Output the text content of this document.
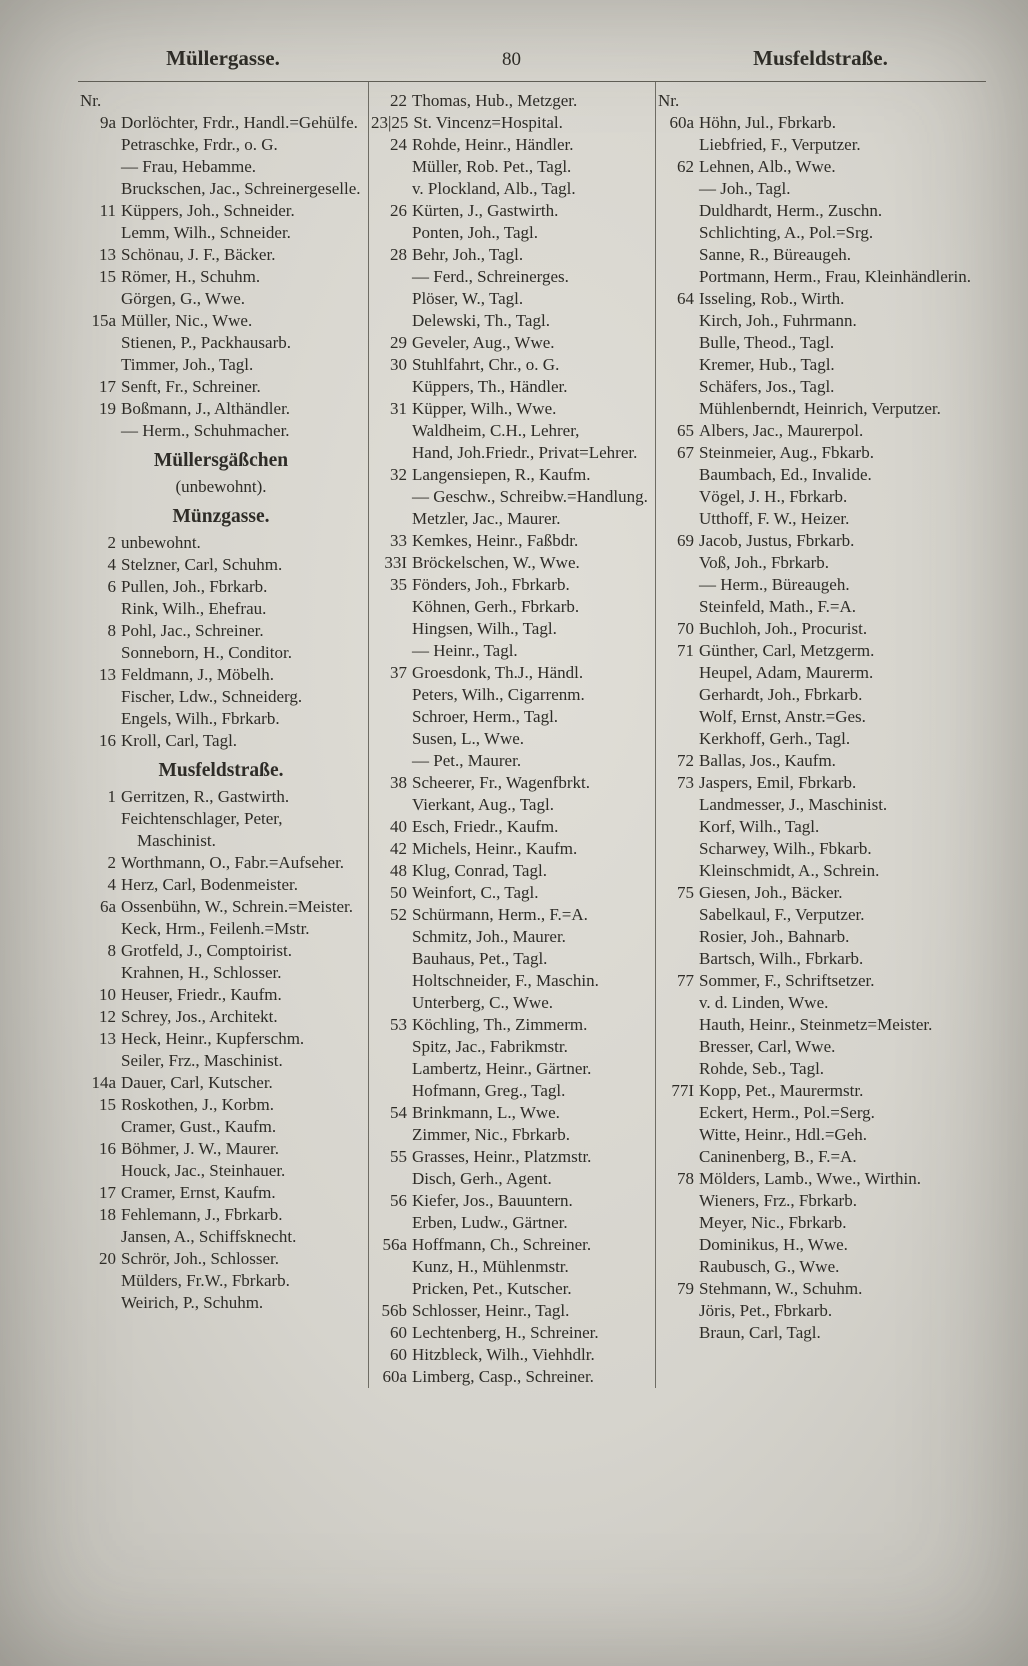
Müllergasse.	80	Musfeldstraße.
Nr.
9a Dorlöchter, Frdr., Handl.=Gehülfe.
Petraschke, Frdr., o. G.
— Frau, Hebamme.
Bruckschen, Jac., Schreinergeselle.
11 Küppers, Joh., Schneider.
Lemm, Wilh., Schneider.
13 Schönau, J. F., Bäcker.
15 Römer, H., Schuhm.
Görgen, G., Wwe.
15a Müller, Nic., Wwe.
Stienen, P., Packhausarb.
Timmer, Joh., Tagl.
17 Senft, Fr., Schreiner.
19 Boßmann, J., Althändler.
— Herm., Schuhmacher.
Müllersgäßchen
(unbewohnt).
Münzgasse.
2 unbewohnt.
4 Stelzner, Carl, Schuhm.
6 Pullen, Joh., Fbrkarb.
Rink, Wilh., Ehefrau.
8 Pohl, Jac., Schreiner.
Sonneborn, H., Conditor.
13 Feldmann, J., Möbelh.
Fischer, Ldw., Schneiderg.
Engels, Wilh., Fbrkarb.
16 Kroll, Carl, Tagl.
Musfeldstraße.
1 Gerritzen, R., Gastwirth.
Feichtenschlager, Peter, Maschinist.
2 Worthmann, O., Fabr.=Aufseher.
4 Herz, Carl, Bodenmeister.
6a Ossenbühn, W., Schrein.=Meister.
Keck, Hrm., Feilenh.=Mstr.
8 Grotfeld, J., Comptoirist.
Krahnen, H., Schlosser.
10 Heuser, Friedr., Kaufm.
12 Schrey, Jos., Architekt.
13 Heck, Heinr., Kupferschm.
Seiler, Frz., Maschinist.
14a Dauer, Carl, Kutscher.
15 Roskothen, J., Korbm.
Cramer, Gust., Kaufm.
16 Böhmer, J. W., Maurer.
Houck, Jac., Steinhauer.
17 Cramer, Ernst, Kaufm.
18 Fehlemann, J., Fbrkarb.
Jansen, A., Schiffsknecht.
20 Schrör, Joh., Schlosser.
Mülders, Fr.W., Fbrkarb.
Weirich, P., Schuhm.
22 Thomas, Hub., Metzger.
23|25 St. Vincenz=Hospital.
24 Rohde, Heinr., Händler.
Müller, Rob. Pet., Tagl.
v. Plockland, Alb., Tagl.
26 Kürten, J., Gastwirth.
Ponten, Joh., Tagl.
28 Behr, Joh., Tagl.
— Ferd., Schreinerges.
Plöser, W., Tagl.
Delewski, Th., Tagl.
29 Geveler, Aug., Wwe.
30 Stuhlfahrt, Chr., o. G.
Küppers, Th., Händler.
31 Küpper, Wilh., Wwe.
Waldheim, C.H., Lehrer,
Hand, Joh.Friedr., Privat=Lehrer.
32 Langensiepen, R., Kaufm.
— Geschw., Schreibw.=Handlung.
Metzler, Jac., Maurer.
33 Kemkes, Heinr., Faßbdr.
33I Bröckelschen, W., Wwe.
35 Fönders, Joh., Fbrkarb.
Köhnen, Gerh., Fbrkarb.
Hingsen, Wilh., Tagl.
— Heinr., Tagl.
37 Groesdonk, Th.J., Händl.
Peters, Wilh., Cigarrenm.
Schroer, Herm., Tagl.
Susen, L., Wwe.
— Pet., Maurer.
38 Scheerer, Fr., Wagenfbrkt.
Vierkant, Aug., Tagl.
40 Esch, Friedr., Kaufm.
42 Michels, Heinr., Kaufm.
48 Klug, Conrad, Tagl.
50 Weinfort, C., Tagl.
52 Schürmann, Herm., F.=A.
Schmitz, Joh., Maurer.
Bauhaus, Pet., Tagl.
Holtschneider, F., Maschin.
Unterberg, C., Wwe.
53 Köchling, Th., Zimmerm.
Spitz, Jac., Fabrikmstr.
Lambertz, Heinr., Gärtner.
Hofmann, Greg., Tagl.
54 Brinkmann, L., Wwe.
Zimmer, Nic., Fbrkarb.
55 Grasses, Heinr., Platzmstr.
Disch, Gerh., Agent.
56 Kiefer, Jos., Bauuntern.
Erben, Ludw., Gärtner.
56a Hoffmann, Ch., Schreiner.
Kunz, H., Mühlenmstr.
Pricken, Pet., Kutscher.
56b Schlosser, Heinr., Tagl.
60 Lechtenberg, H., Schreiner.
60 Hitzbleck, Wilh., Viehhdlr.
60a Limberg, Casp., Schreiner.
Nr.
60a Höhn, Jul., Fbrkarb.
Liebfried, F., Verputzer.
62 Lehnen, Alb., Wwe.
— Joh., Tagl.
Duldhardt, Herm., Zuschn.
Schlichting, A., Pol.=Srg.
Sanne, R., Büreaugeh.
Portmann, Herm., Frau, Kleinhändlerin.
64 Isseling, Rob., Wirth.
Kirch, Joh., Fuhrmann.
Bulle, Theod., Tagl.
Kremer, Hub., Tagl.
Schäfers, Jos., Tagl.
Mühlenberndt, Heinrich, Verputzer.
65 Albers, Jac., Maurerpol.
67 Steinmeier, Aug., Fbkarb.
Baumbach, Ed., Invalide.
Vögel, J. H., Fbrkarb.
Utthoff, F. W., Heizer.
69 Jacob, Justus, Fbrkarb.
Voß, Joh., Fbrkarb.
— Herm., Büreaugeh.
Steinfeld, Math., F.=A.
70 Buchloh, Joh., Procurist.
71 Günther, Carl, Metzgerm.
Heupel, Adam, Maurerm.
Gerhardt, Joh., Fbrkarb.
Wolf, Ernst, Anstr.=Ges.
Kerkhoff, Gerh., Tagl.
72 Ballas, Jos., Kaufm.
73 Jaspers, Emil, Fbrkarb.
Landmesser, J., Maschinist.
Korf, Wilh., Tagl.
Scharwey, Wilh., Fbkarb.
Kleinschmidt, A., Schrein.
75 Giesen, Joh., Bäcker.
Sabelkaul, F., Verputzer.
Rosier, Joh., Bahnarb.
Bartsch, Wilh., Fbrkarb.
77 Sommer, F., Schriftsetzer.
v. d. Linden, Wwe.
Hauth, Heinr., Steinmetz=Meister.
Bresser, Carl, Wwe.
Rohde, Seb., Tagl.
77I Kopp, Pet., Maurermstr.
Eckert, Herm., Pol.=Serg.
Witte, Heinr., Hdl.=Geh.
Caninenberg, B., F.=A.
78 Mölders, Lamb., Wwe., Wirthin.
Wieners, Frz., Fbrkarb.
Meyer, Nic., Fbrkarb.
Dominikus, H., Wwe.
Raubusch, G., Wwe.
79 Stehmann, W., Schuhm.
Jöris, Pet., Fbrkarb.
Braun, Carl, Tagl.
